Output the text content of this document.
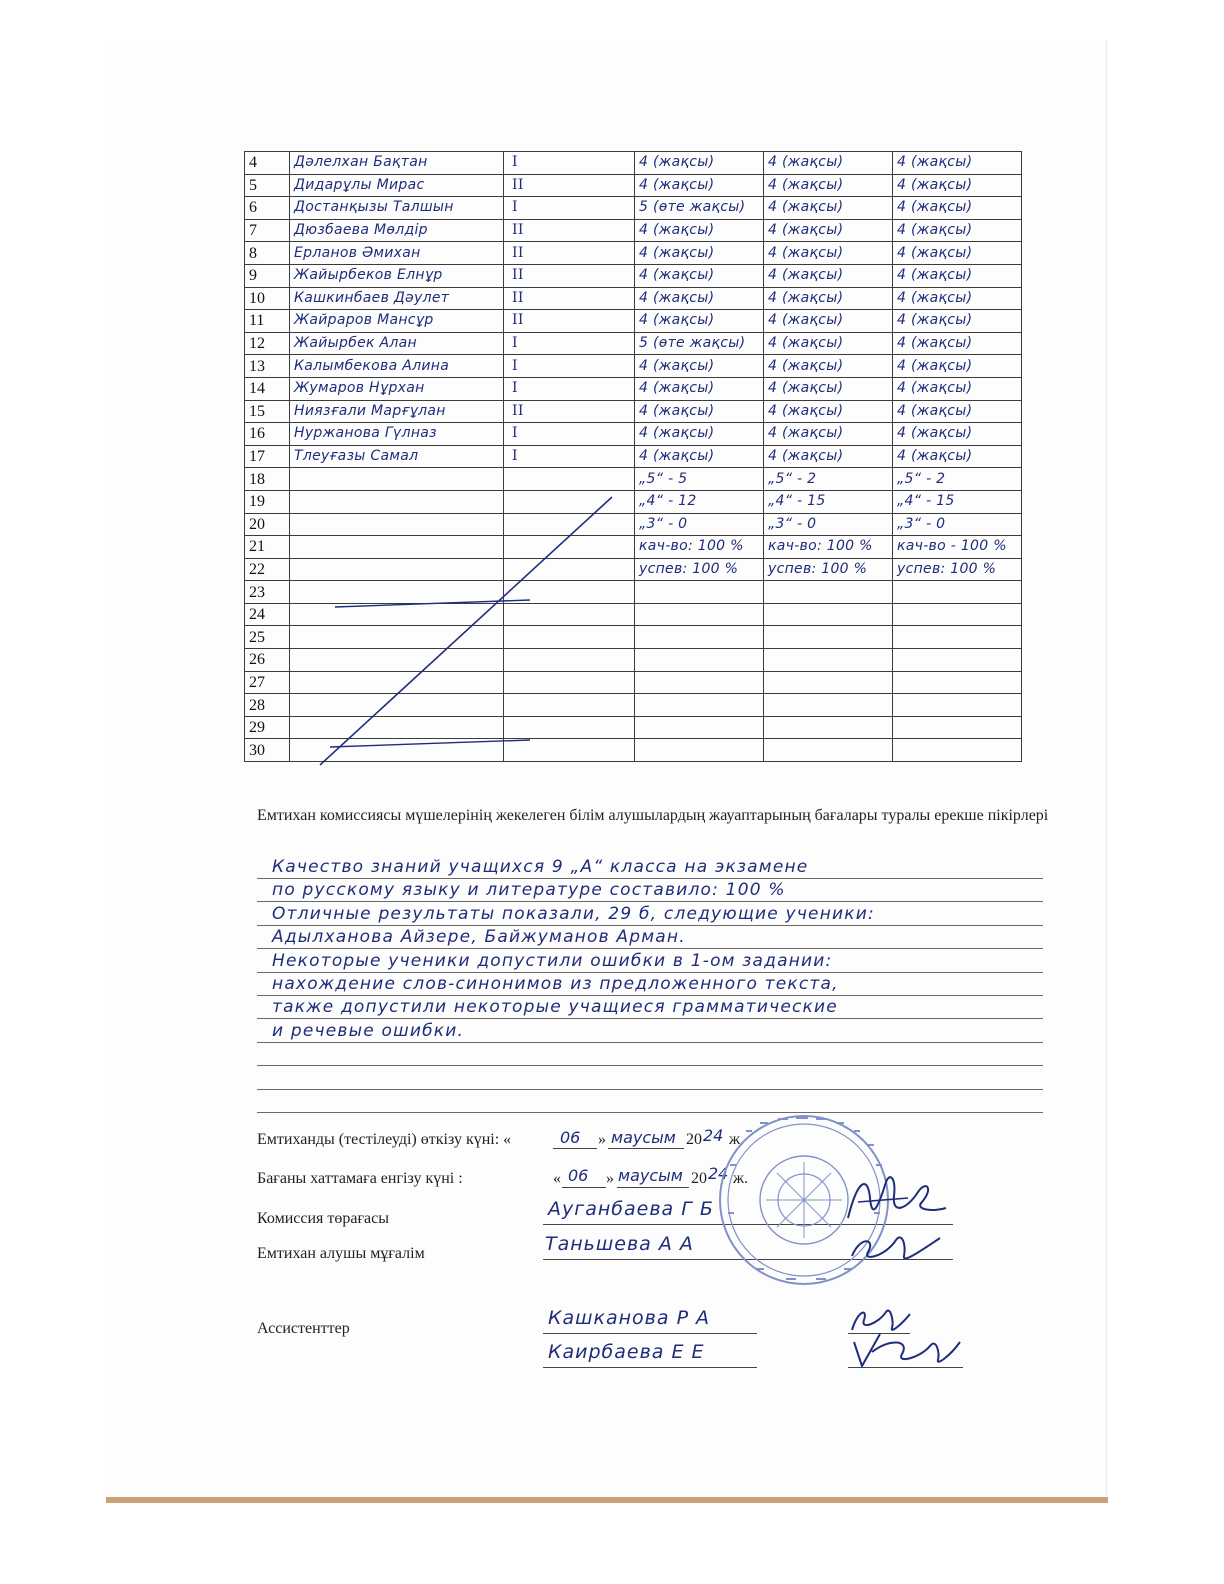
4	Дәлелхан Бақтан	I	4 (жақсы)	4 (жақсы)	4 (жақсы)
5	Дидарұлы Мирас	II	4 (жақсы)	4 (жақсы)	4 (жақсы)
6	Достанқызы Талшын	I	5 (өте жақсы)	4 (жақсы)	4 (жақсы)
7	Дюзбаева Мөлдір	II	4 (жақсы)	4 (жақсы)	4 (жақсы)
8	Ерланов Әмихан	II	4 (жақсы)	4 (жақсы)	4 (жақсы)
9	Жайырбеков Елнұр	II	4 (жақсы)	4 (жақсы)	4 (жақсы)
10	Кашкинбаев Дәулет	II	4 (жақсы)	4 (жақсы)	4 (жақсы)
11	Жайраров Мансұр	II	4 (жақсы)	4 (жақсы)	4 (жақсы)
12	Жайырбек Алан	I	5 (өте жақсы)	4 (жақсы)	4 (жақсы)
13	Калымбекова Алина	I	4 (жақсы)	4 (жақсы)	4 (жақсы)
14	Жумаров Нұрхан	I	4 (жақсы)	4 (жақсы)	4 (жақсы)
15	Ниязғали Марғұлан	II	4 (жақсы)	4 (жақсы)	4 (жақсы)
16	Нуржанова Гүлназ	I	4 (жақсы)	4 (жақсы)	4 (жақсы)
17	Тлеуғазы Самал	I	4 (жақсы)	4 (жақсы)	4 (жақсы)
18			„5“ - 5	„5“ - 2	„5“ - 2
19			„4“ - 12	„4“ - 15	„4“ - 15
20			„3“ - 0	„3“ - 0	„3“ - 0
21			кач-во: 100 %	кач-во: 100 %	кач-во - 100 %
22			успев: 100 %	успев: 100 %	успев: 100 %
23					
24					
25					
26					
27					
28					
29					
30					
Емтихан комиссиясы мүшелерінің жекелеген білім алушылардың жауаптарының бағалары туралы ерекше пікірлері
Качество знаний учащихся 9 „А“ класса на экзамене
по русскому языку и литературе составило: 100 %
Отличные результаты показали, 29 б, следующие ученики:
Адылханова Айзере, Байжуманов Арман.
Некоторые ученики допустили ошибки в 1-ом задании:
нахождение слов-синонимов из предложенного текста,
также допустили некоторые учащиеся грамматические
и речевые ошибки.
Емтиханды (тестілеуді) өткізу күні: «	06 » маусым 20 24 ж.
Бағаны хаттамаға енгізу күні :	« 06 » маусым 20 24 ж.
Комиссия төрағасы	Ауганбаева Г Б
Емтихан алушы мұғалім	Таньшева А А
Ассистенттер	Кашканова Р А
Каирбаева Е Е
